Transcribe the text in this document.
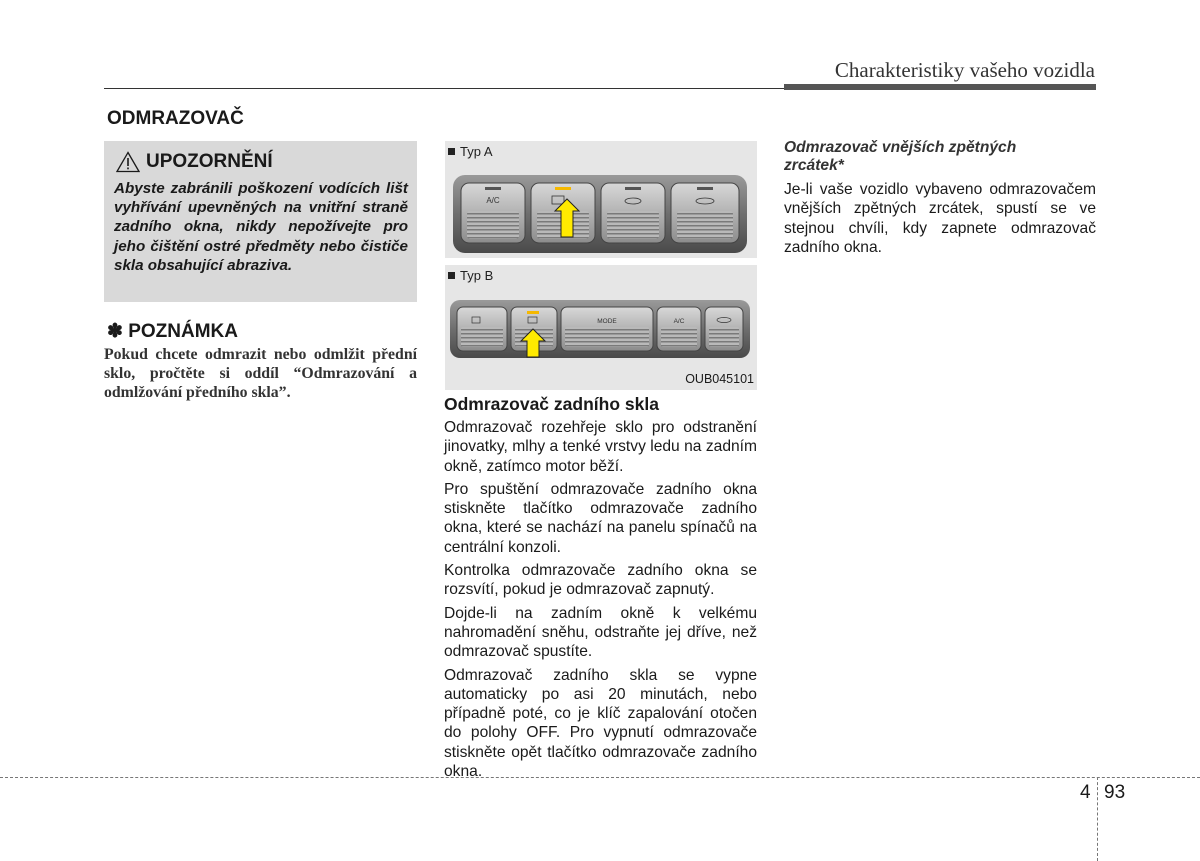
Charakteristiky vašeho vozidla
ODMRAZOVAČ
UPOZORNĚNÍ
Abyste zabránili poškození vodících lišt vyhřívání upevněných na vnitřní straně zadního okna, nikdy nepožívejte pro jeho čištění ostré předměty nebo čističe skla obsahující abraziva.
✽ POZNÁMKA
Pokud chcete odmrazit nebo odmlžit přední sklo, pročtěte si oddíl “Odmrazování a odmlžování předního skla”.
Typ A
A/C
Typ B
MODE	A/C
OUB045101
Odmrazovač zadního skla

Odmrazovač rozehřeje sklo pro odstranění jinovatky, mlhy a tenké vrstvy ledu na zadním okně, zatímco motor běží.

Pro spuštění odmrazovače zadního okna stiskněte tlačítko odmrazovače zadního okna, které se nachází na panelu spínačů na centrální konzoli.

Kontrolka odmrazovače zadního okna se rozsvítí, pokud je odmrazovač zapnutý.

Dojde-li na zadním okně k velkému nahromadění sněhu, odstraňte jej dříve, než odmrazovač spustíte.

Odmrazovač zadního skla se vypne automaticky po asi 20 minutách, nebo případně poté, co je klíč zapalování otočen do polohy OFF. Pro vypnutí odmrazovače stiskněte opět tlačítko odmrazovače zadního okna.

Odmrazovač vnějších zpětných zrcátek*
Je-li vaše vozidlo vybaveno odmrazovačem vnějších zpětných zrcátek, spustí se ve stejnou chvíli, kdy zapnete odmrazovač zadního okna.
4 93
